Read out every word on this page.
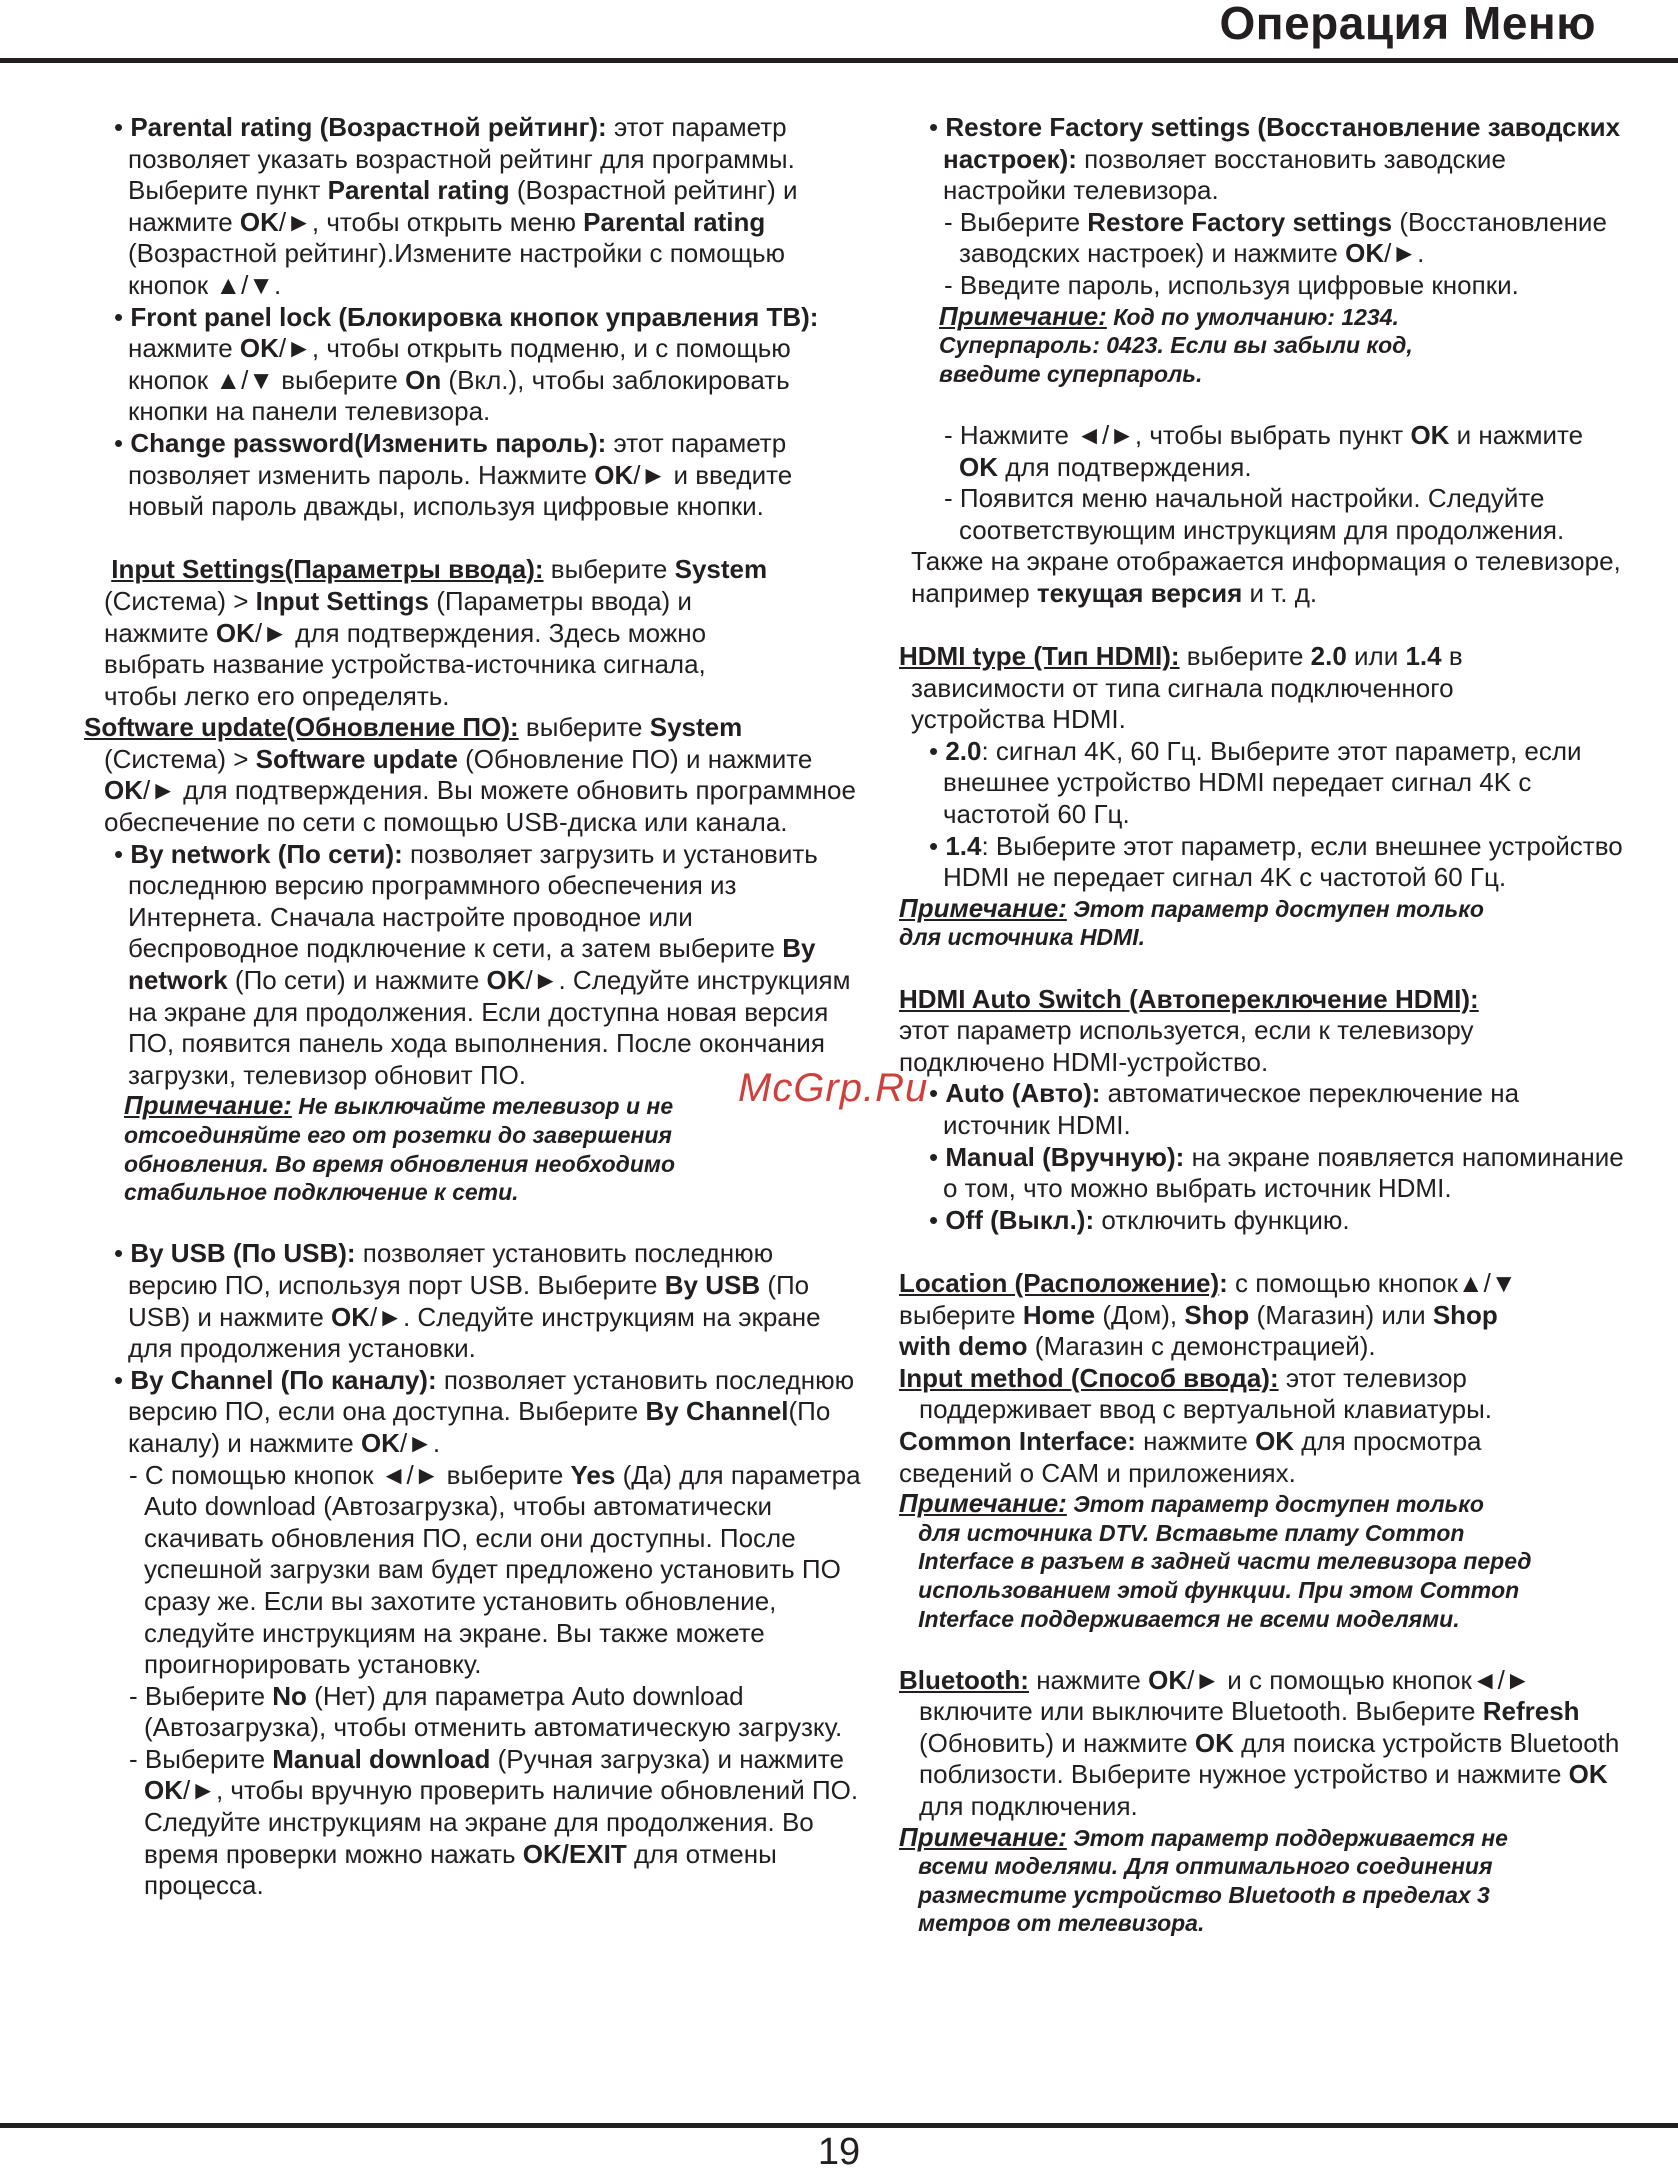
Операция Меню

• Parental rating (Возрастной рейтинг): этот параметр позволяет указать возрастной рейтинг для программы. Выберите пункт Parental rating (Возрастной рейтинг) и нажмите OK/►, чтобы открыть меню Parental rating (Возрастной рейтинг).Измените настройки с помощью кнопок ▲/▼.

• Front panel lock (Блокировка кнопок управления ТВ): нажмите OK/►, чтобы открыть подменю, и с помощью кнопок ▲/▼ выберите On (Вкл.), чтобы заблокировать кнопки на панели телевизора.

• Change password(Изменить пароль): этот параметр позволяет изменить пароль. Нажмите OK/► и введите новый пароль дважды, используя цифровые кнопки.

Input Settings(Параметры ввода): выберите System
(Система) > Input Settings (Параметры ввода) и
нажмите OK/► для подтверждения. Здесь можно
выбрать название устройства-источника сигнала,
чтобы легко его определять.

Software update(Обновление ПО): выберите System

(Система) > Software update (Обновление ПО) и нажмите OK/► для подтверждения. Вы можете обновить программное обеспечение по сети с помощью USB-диска или канала.

• By network (По сети): позволяет загрузить и установить последнюю версию программного обеспечения из Интернета. Сначала настройте проводное или беспроводное подключение к сети, а затем выберите By network (По сети) и нажмите OK/►. Следуйте инструкциям на экране для продолжения. Если доступна новая версия ПО, появится панель хода выполнения. После окончания загрузки, телевизор обновит ПО.

Примечание: Не выключайте телевизор и не
отсоединяйте его от розетки до завершения
обновления. Во время обновления необходимо
стабильное подключение к сети.

• By USB (По USB): позволяет установить последнюю версию ПО, используя порт USB. Выберите By USB (По USB) и нажмите OK/►. Следуйте инструкциям на экране для продолжения установки.

• By Channel (По каналу): позволяет установить последнюю версию ПО, если она доступна. Выберите By Channel(По каналу) и нажмите OK/►.

- С помощью кнопок ◄/► выберите Yes (Да) для параметра Auto download (Автозагрузка), чтобы автоматически скачивать обновления ПО, если они доступны. После успешной загрузки вам будет предложено установить ПО сразу же. Если вы захотите установить обновление, следуйте инструкциям на экране. Вы также можете проигнорировать установку.

- Выберите No (Нет) для параметра Auto download (Автозагрузка), чтобы отменить автоматическую загрузку.

- Выберите Manual download (Ручная загрузка) и нажмите OK/►, чтобы вручную проверить наличие обновлений ПО. Следуйте инструкциям на экране для продолжения. Во время проверки можно нажать OK/EXIT для отмены процесса.

• Restore Factory settings (Восстановление заводских настроек): позволяет восстановить заводские настройки телевизора.

- Выберите Restore Factory settings (Восстановление заводских настроек) и нажмите OK/►.

- Введите пароль, используя цифровые кнопки.

Примечание: Код по умолчанию: 1234.
Суперпароль: 0423. Если вы забыли код,
введите суперпароль.

- Нажмите ◄/►, чтобы выбрать пункт OK и нажмите OK для подтверждения.

- Появится меню начальной настройки. Следуйте соответствующим инструкциям для продолжения.

Также на экране отображается информация о телевизоре, например текущая версия и т. д.

HDMI type (Тип HDMI): выберите 2.0 или 1.4 в

зависимости от типа сигнала подключенного
устройства HDMI.

• 2.0: сигнал 4K, 60 Гц. Выберите этот параметр, если внешнее устройство HDMI передает сигнал 4K с частотой 60 Гц.

• 1.4: Выберите этот параметр, если внешнее устройство HDMI не передает сигнал 4K с частотой 60 Гц.

Примечание: Этот параметр доступен только
для источника HDMI.

HDMI Auto Switch (Автопереключение HDMI):
этот параметр используется, если к телевизору
подключено HDMI-устройство.

• Auto (Авто): автоматическое переключение на источник HDMI.

• Manual (Вручную): на экране появляется напоминание о том, что можно выбрать источник HDMI.

• Off (Выкл.): отключить функцию.

Location (Расположение): с помощью кнопок▲/▼
выберите Home (Дом), Shop (Магазин) или Shop
with demo (Магазин с демонстрацией).

Input method (Способ ввода): этот телевизор

поддерживает ввод с вертуальной клавиатуры.

Common Interface: нажмите OK для просмотра
сведений о CAM и приложениях.

Примечание: Этот параметр доступен только
для источника DTV. Вставьте плату Common
Interface в разъем в задней части телевизора перед
использованием этой функции. При этом Common
Interface поддерживается не всеми моделями.

Bluetooth: нажмите OK/► и с помощью кнопок◄/►

включите или выключите Bluetooth. Выберите Refresh (Обновить) и нажмите OK для поиска устройств Bluetooth поблизости. Выберите нужное устройство и нажмите OK для подключения.

Примечание: Этот параметр поддерживается не
всеми моделями. Для оптимального соединения
разместите устройство Bluetooth в пределах 3
метров от телевизора.

McGrp.Ru
19
